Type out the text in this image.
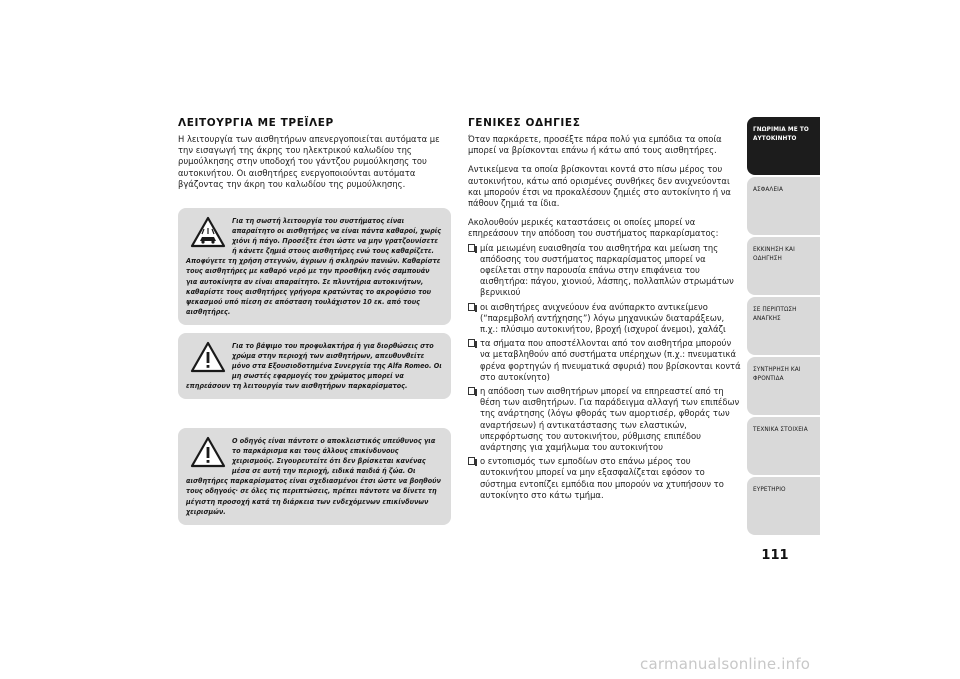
ΛΕΙΤΟΥΡΓΙΑ ΜΕ ΤΡΕΪΛΕΡ

Η λειτουργία των αισθητήρων απενεργοποιείται αυτόματα με την εισαγωγή της άκρης του ηλεκτρικού καλωδίου της ρυμούλκησης στην υποδοχή του γάντζου ρυμούλκησης του αυτοκινήτου. Οι αισθητήρες ενεργοποιούνται αυτόματα βγάζοντας την άκρη του καλωδίου της ρυμούλκησης.

Για τη σωστή λειτουργία του συστήματος είναι απαραίτητο οι αισθητήρες να είναι πάντα καθαροί, χωρίς χιόνι ή πάγο. Προσέξτε έτσι ώστε να μην γρατζουνίσετε ή κάνετε ζημιά στους αισθητήρες ενώ τους καθαρίζετε. Αποφύγετε τη χρήση στεγνών, άγριων ή σκληρών πανιών. Καθαρίστε τους αισθητήρες με καθαρό νερό με την προσθήκη ενός σαμπουάν για αυτοκίνητα αν είναι απαραίτητο. Σε πλυντήρια αυτοκινήτων, καθαρίστε τους αισθητήρες γρήγορα κρατώντας το ακροφύσιο του ψεκασμού υπό πίεση σε απόσταση τουλάχιστον 10 εκ. από τους αισθητήρες.

Για το βάψιμο του προφυλακτήρα ή για διορθώσεις στο χρώμα στην περιοχή των αισθητήρων, απευθυνθείτε μόνο στα Εξουσιοδοτημένα Συνεργεία της Alfa Romeo. Οι μη σωστές εφαρμογές του χρώματος μπορεί να επηρεάσουν τη λειτουργία των αισθητήρων παρκαρίσματος.

Ο οδηγός είναι πάντοτε ο αποκλειστικός υπεύθυνος για το παρκάρισμα και τους άλλους επικίνδυνους χειρισμούς. Σιγουρευτείτε ότι δεν βρίσκεται κανένας μέσα σε αυτή την περιοχή, ειδικά παιδιά ή ζώα. Οι αισθητήρες παρκαρίσματος είναι σχεδιασμένοι έτσι ώστε να βοηθούν τους οδηγούς· σε όλες τις περιπτώσεις, πρέπει πάντοτε να δίνετε τη μέγιστη προσοχή κατά τη διάρκεια των ενδεχόμενων επικίνδυνων χειρισμών.

ΓΕΝΙΚΕΣ ΟΔΗΓΙΕΣ

Όταν παρκάρετε, προσέξτε πάρα πολύ για εμπόδια τα οποία μπορεί να βρίσκονται επάνω ή κάτω από τους αισθητήρες.

Αντικείμενα τα οποία βρίσκονται κοντά στο πίσω μέρος του αυτοκινήτου, κάτω από ορισμένες συνθήκες δεν ανιχνεύονται και μπορούν έτσι να προκαλέσουν ζημιές στο αυτοκίνητο ή να πάθουν ζημιά τα ίδια.

Ακολουθούν μερικές καταστάσεις οι οποίες μπορεί να επηρεάσουν την απόδοση του συστήματος παρκαρίσματος:

μία μειωμένη ευαισθησία του αισθητήρα και μείωση της απόδοσης του συστήματος παρκαρίσματος μπορεί να οφείλεται στην παρουσία επάνω στην επιφάνεια του αισθητήρα: πάγου, χιονιού, λάσπης, πολλαπλών στρωμάτων βερνικιού
οι αισθητήρες ανιχνεύουν ένα ανύπαρκτο αντικείμενο (“παρεμβολή αντήχησης”) λόγω μηχανικών διαταράξεων, π.χ.: πλύσιμο αυτοκινήτου, βροχή (ισχυροί άνεμοι), χαλάζι
τα σήματα που αποστέλλονται από τον αισθητήρα μπορούν να μεταβληθούν από συστήματα υπέρηχων (π.χ.: πνευματικά φρένα φορτηγών ή πνευματικά σφυριά) που βρίσκονται κοντά στο αυτοκίνητο)
η απόδοση των αισθητήρων μπορεί να επηρεαστεί από τη θέση των αισθητήρων. Για παράδειγμα αλλαγή των επιπέδων της ανάρτησης (λόγω φθοράς των αμορτισέρ, φθοράς των αναρτήσεων) ή αντικατάστασης των ελαστικών, υπερφόρτωσης του αυτοκινήτου, ρύθμισης επιπέδου ανάρτησης για χαμήλωμα του αυτοκινήτου
ο εντοπισμός των εμποδίων στο επάνω μέρος του αυτοκινήτου μπορεί να μην εξασφαλίζεται εφόσον το σύστημα εντοπίζει εμπόδια που μπορούν να χτυπήσουν το αυτοκίνητο στο κάτω τμήμα.
ΓΝΩΡΙΜΙΑ ΜΕ ΤΟ ΑΥΤΟΚΙΝΗΤΟ
ΑΣΦΑΛΕΙΑ
ΕΚΚΙΝΗΣΗ ΚΑΙ ΟΔΗΓΗΣΗ
ΣΕ ΠΕΡΙΠΤΩΣΗ ΑΝΑΓΚΗΣ
ΣΥΝΤΗΡΗΣΗ ΚΑΙ ΦΡΟΝΤΙΔΑ
ΤΕΧΝΙΚΑ ΣΤΟΙΧΕΙΑ
ΕΥΡΕΤΗΡΙΟ
111
carmanualsonline.info
